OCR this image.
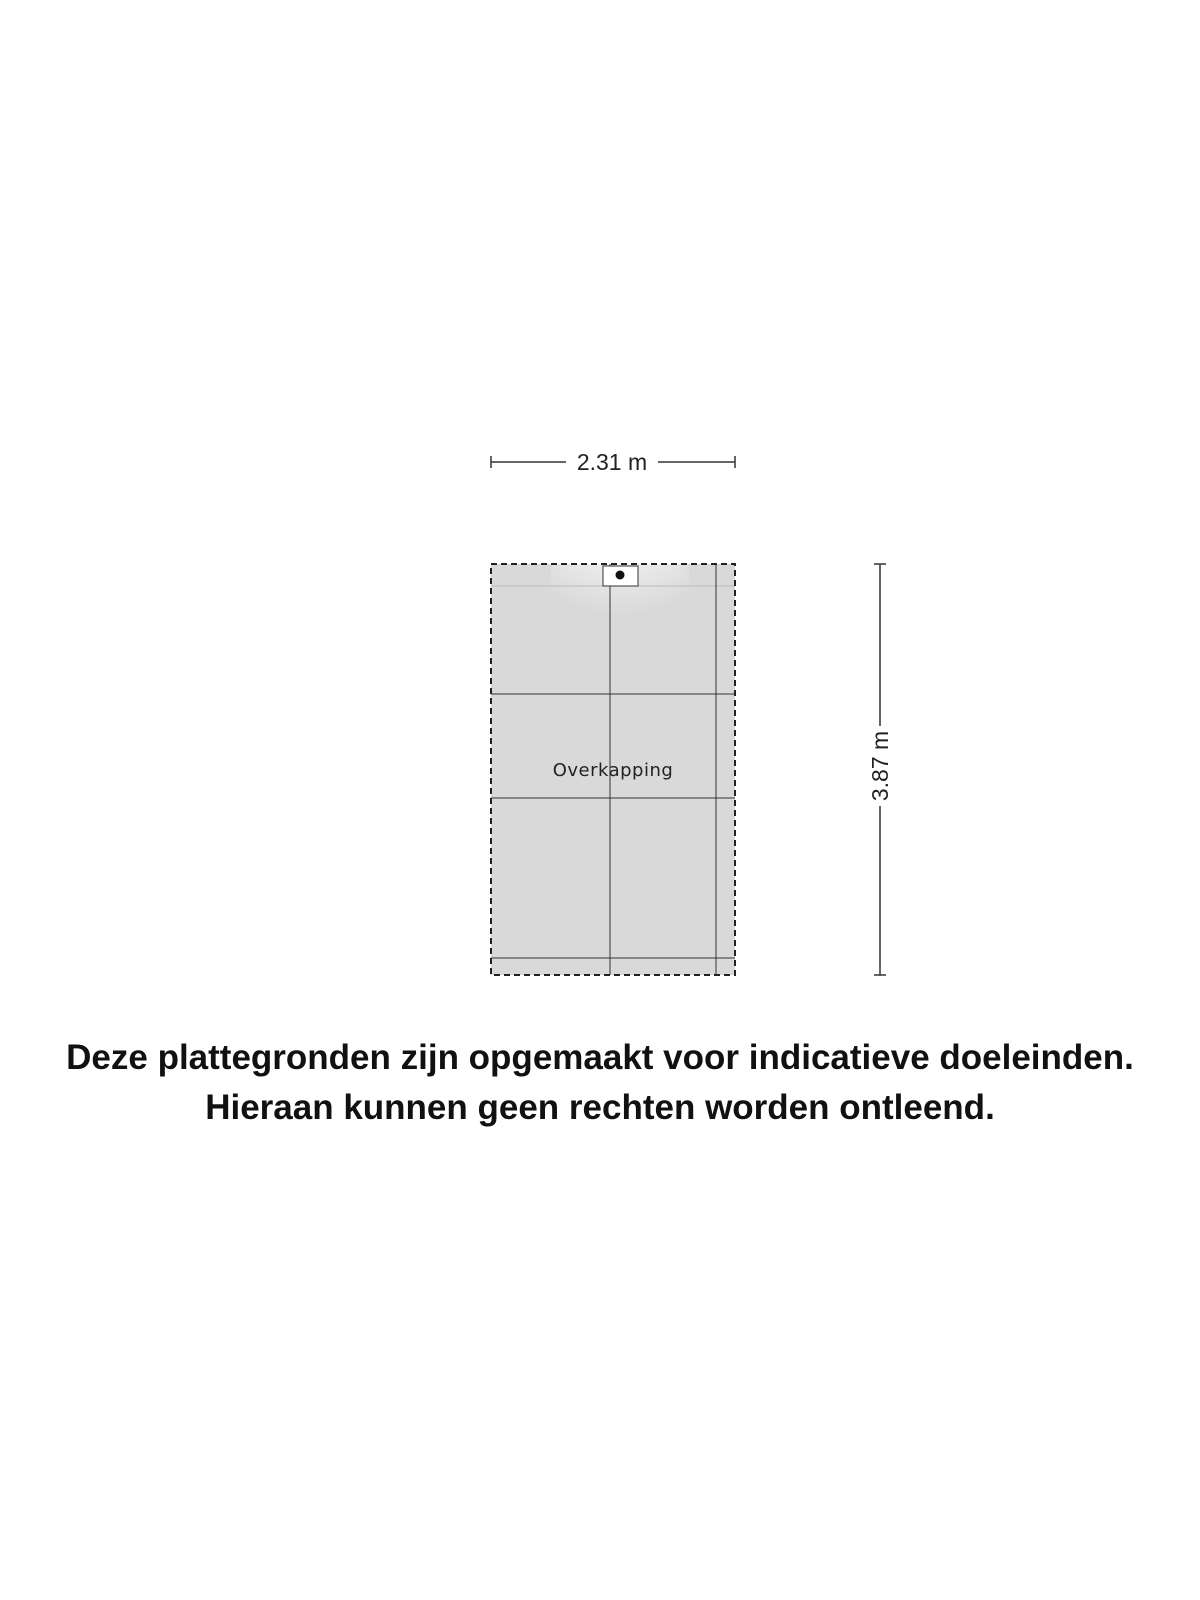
2.31 m
3.87 m
Overkapping
Deze plattegronden zijn opgemaakt voor indicatieve doeleinden.
Hieraan kunnen geen rechten worden ontleend.
